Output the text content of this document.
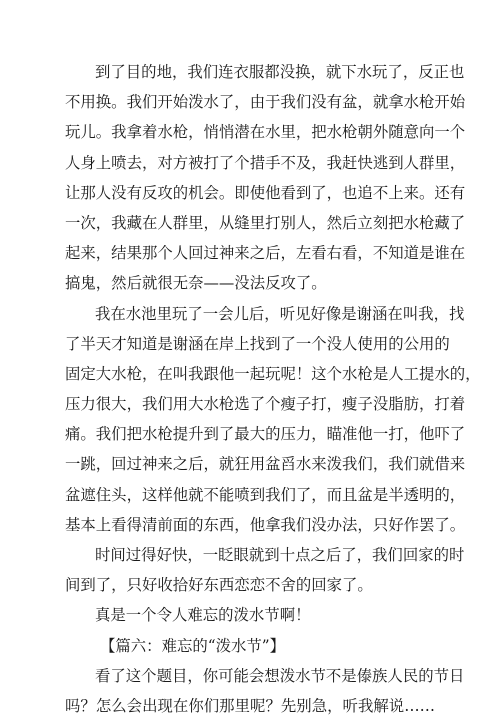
到了目的地，我们连衣服都没换，就下水玩了，反正也
不用换。我们开始泼水了，由于我们没有盆，就拿水枪开始
玩儿。我拿着水枪，悄悄潜在水里，把水枪朝外随意向一个
人身上喷去，对方被打了个措手不及，我赶快逃到人群里，
让那人没有反攻的机会。即使他看到了，也追不上来。还有
一次，我藏在人群里，从缝里打别人，然后立刻把水枪藏了
起来，结果那个人回过神来之后，左看右看，不知道是谁在
搞鬼，然后就很无奈——没法反攻了。
我在水池里玩了一会儿后，听见好像是谢涵在叫我，找
了半天才知道是谢涵在岸上找到了一个没人使用的公用的
固定大水枪，在叫我跟他一起玩呢！这个水枪是人工提水的，
压力很大，我们用大水枪选了个瘦子打，瘦子没脂肪，打着
痛。我们把水枪提升到了最大的压力，瞄准他一打，他吓了
一跳，回过神来之后，就狂用盆舀水来泼我们，我们就借来
盆遮住头，这样他就不能喷到我们了，而且盆是半透明的，
基本上看得清前面的东西，他拿我们没办法，只好作罢了。
时间过得好快，一眨眼就到十点之后了，我们回家的时
间到了，只好收拾好东西恋恋不舍的回家了。
真是一个令人难忘的泼水节啊！
【篇六：难忘的“泼水节”】
看了这个题目，你可能会想泼水节不是傣族人民的节日
吗？怎么会出现在你们那里呢？先别急，听我解说……
